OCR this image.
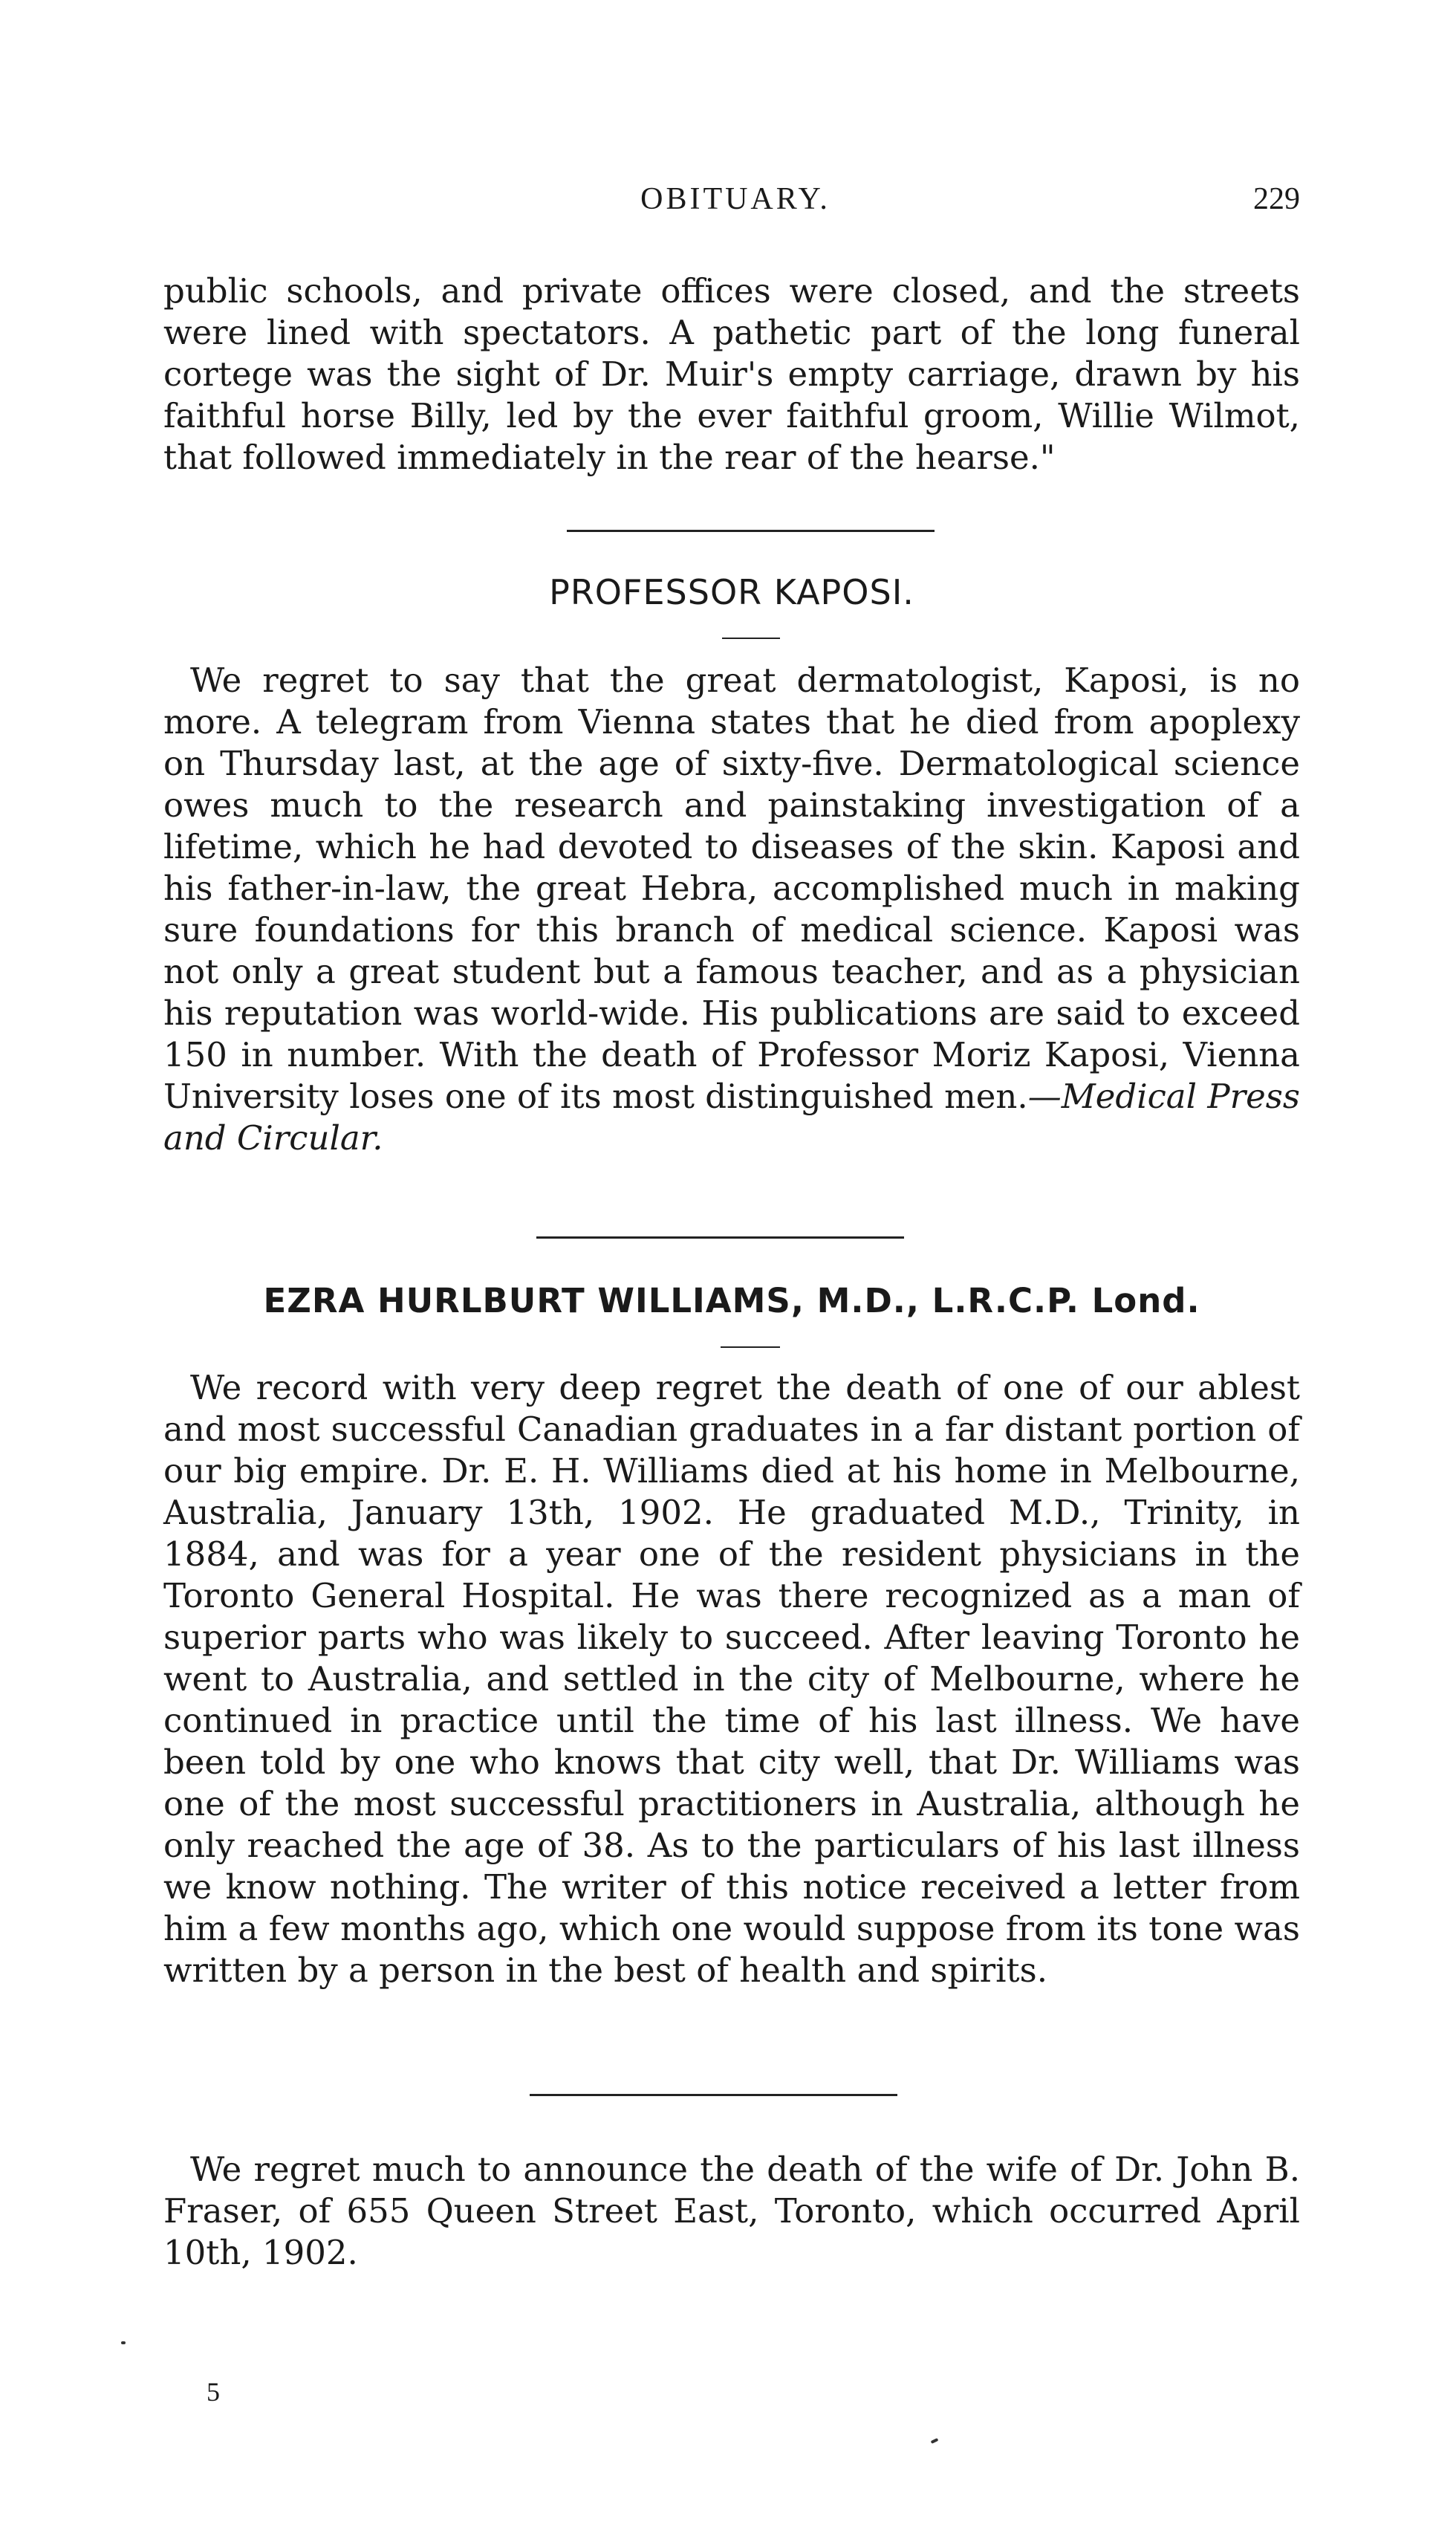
OBITUARY.	229

public schools, and private offices were closed, and the streets were lined with spectators. A pathetic part of the long funeral cortege was the sight of Dr. Muir's empty carriage, drawn by his faithful horse Billy, led by the ever faithful groom, Willie Wilmot, that followed immediately in the rear of the hearse."

PROFESSOR KAPOSI.

We regret to say that the great dermatologist, Kaposi, is no more. A telegram from Vienna states that he died from apoplexy on Thursday last, at the age of sixty-five. Dermatological science owes much to the research and painstaking investigation of a lifetime, which he had devoted to diseases of the skin. Kaposi and his father-in-law, the great Hebra, accomplished much in making sure foundations for this branch of medical science. Kaposi was not only a great student but a famous teacher, and as a physician his reputation was world-wide. His publications are said to exceed 150 in number. With the death of Professor Moriz Kaposi, Vienna University loses one of its most distinguished men.—Medical Press and Circular.

EZRA HURLBURT WILLIAMS, M.D., L.R.C.P. Lond.

We record with very deep regret the death of one of our ablest and most successful Canadian graduates in a far distant portion of our big empire. Dr. E. H. Williams died at his home in Melbourne, Australia, January 13th, 1902. He graduated M.D., Trinity, in 1884, and was for a year one of the resident physicians in the Toronto General Hospital. He was there recognized as a man of superior parts who was likely to succeed. After leaving Toronto he went to Australia, and settled in the city of Melbourne, where he continued in practice until the time of his last illness. We have been told by one who knows that city well, that Dr. Williams was one of the most successful practitioners in Australia, although he only reached the age of 38. As to the particulars of his last illness we know nothing. The writer of this notice received a letter from him a few months ago, which one would suppose from its tone was written by a person in the best of health and spirits.

We regret much to announce the death of the wife of Dr. John B. Fraser, of 655 Queen Street East, Toronto, which occurred April 10th, 1902.

5
